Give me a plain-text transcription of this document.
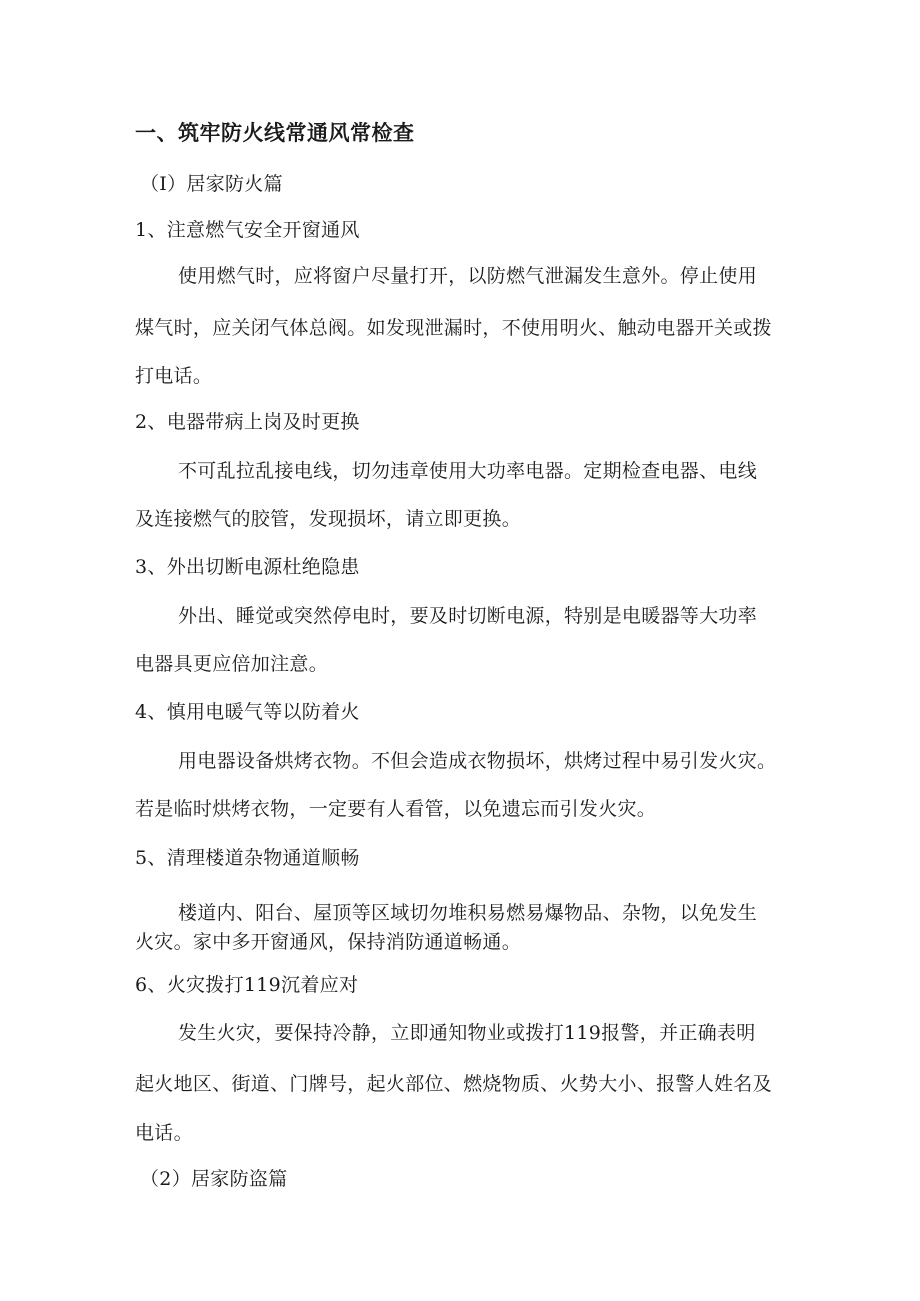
一、筑牢防火线常通风常检查
（I）居家防火篇
1、注意燃气安全开窗通风
使用燃气时，应将窗户尽量打开，以防燃气泄漏发生意外。停止使用
煤气时，应关闭气体总阀。如发现泄漏时，不使用明火、触动电器开关或拨
打电话。
2、电器带病上岗及时更换
不可乱拉乱接电线，切勿违章使用大功率电器。定期检查电器、电线
及连接燃气的胶管，发现损坏，请立即更换。
3、外出切断电源杜绝隐患
外出、睡觉或突然停电时，要及时切断电源，特别是电暖器等大功率
电器具更应倍加注意。
4、慎用电暖气等以防着火
用电器设备烘烤衣物。不但会造成衣物损坏，烘烤过程中易引发火灾。
若是临时烘烤衣物，一定要有人看管，以免遗忘而引发火灾。
5、清理楼道杂物通道顺畅
楼道内、阳台、屋顶等区域切勿堆积易燃易爆物品、杂物，以免发生
火灾。家中多开窗通风，保持消防通道畅通。
6、火灾拨打119沉着应对
发生火灾，要保持冷静，立即通知物业或拨打119报警，并正确表明
起火地区、街道、门牌号，起火部位、燃烧物质、火势大小、报警人姓名及
电话。
（2）居家防盗篇
